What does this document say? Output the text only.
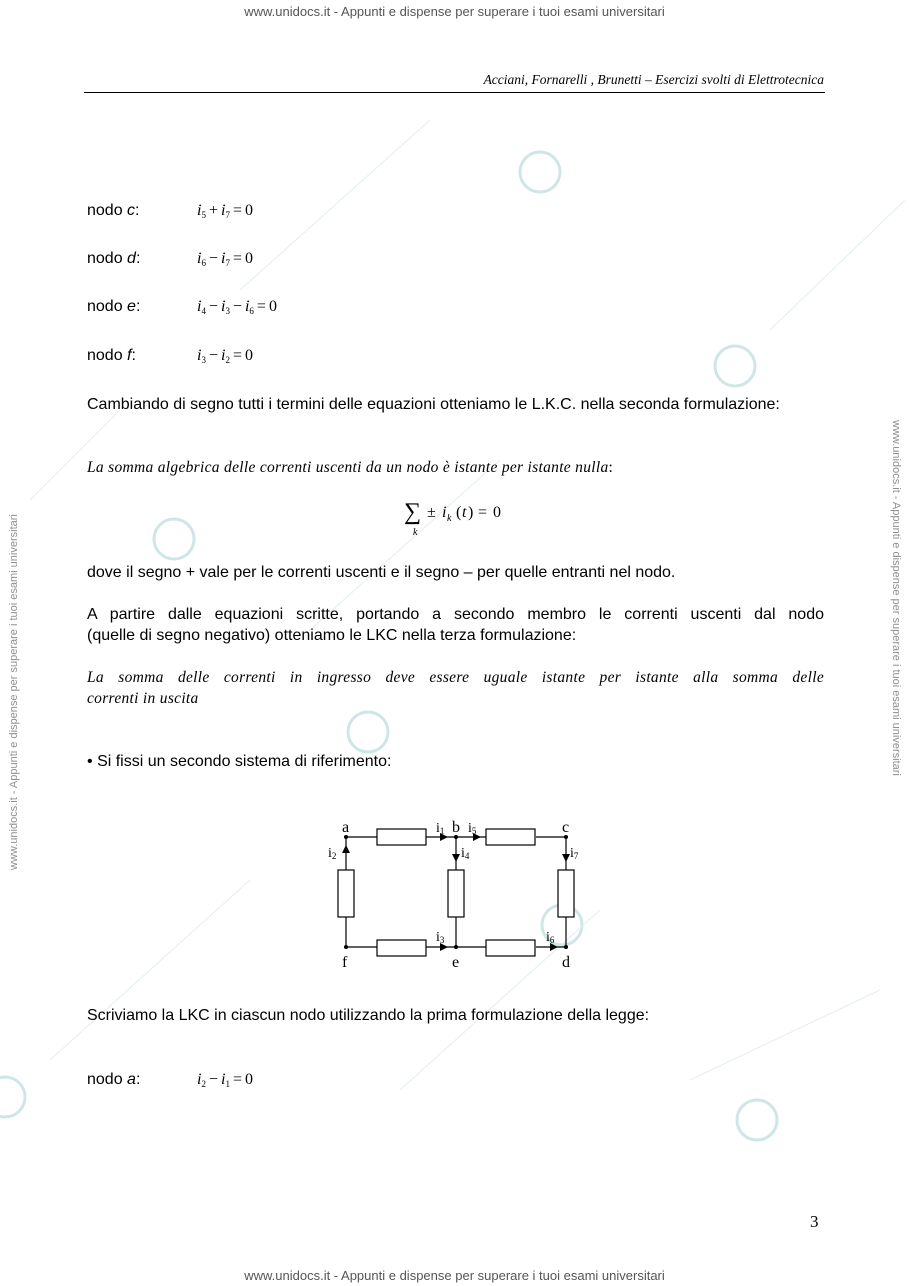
www.unidocs.it - Appunti e dispense per superare i tuoi esami universitari
www.unidocs.it - Appunti e dispense per superare i tuoi esami universitari
www.unidocs.it - Appunti e dispense per superare i tuoi esami universitari	www.unidocs.it - Appunti e dispense per superare i tuoi esami universitari
Acciani, Fornarelli , Brunetti – Esercizi svolti di Elettrotecnica
nodo c:	$i_5 + i_7 = 0$
nodo d:	$i_6 - i_7 = 0$
nodo e:	$i_4 - i_3 - i_6 = 0$
nodo f:	$i_3 - i_2 = 0$
Cambiando di segno tutti i termini delle equazioni otteniamo le L.K.C. nella seconda formulazione:
La somma algebrica delle correnti uscenti da un nodo è istante per istante nulla:
∑
k
± i k ( t ) = 0
dove il segno + vale per le correnti uscenti e il segno – per quelle entranti nel nodo.
A partire dalle equazioni scritte, portando a secondo membro le correnti uscenti dal nodo
(quelle di segno negativo) otteniamo le LKC nella terza formulazione:
La somma delle correnti in ingresso deve essere uguale istante per istante alla somma delle
correnti in uscita
• Si fissi un secondo sistema di riferimento:
a	b	c
d
e
f
i1
i2
i3
i4
i5
i6
i7
Scriviamo la LKC in ciascun nodo utilizzando la prima formulazione della legge:
nodo a:	$i_2 - i_1 = 0$
3
